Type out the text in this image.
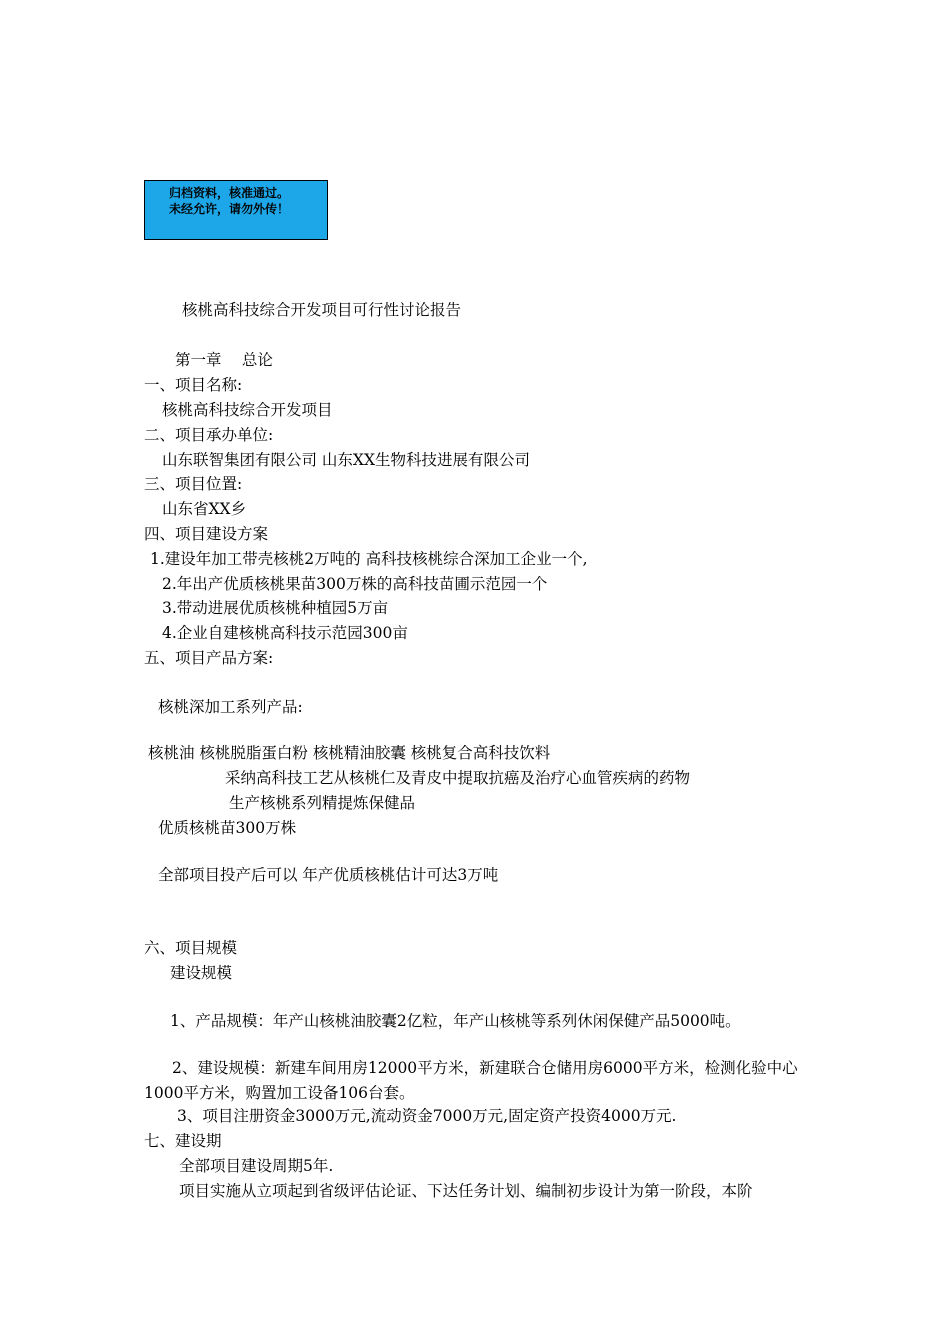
归档资料，核准通过。
未经允许，请勿外传！
核桃高科技综合开发项目可行性讨论报告
第一章　 总论
一、项目名称:
核桃高科技综合开发项目
二、项目承办单位:
山东联智集团有限公司 山东XX生物科技进展有限公司
三、项目位置:
山东省XX乡
四、项目建设方案
1.建设年加工带壳核桃2万吨的 高科技核桃综合深加工企业一个,
2.年出产优质核桃果苗300万株的高科技苗圃示范园一个
3.带动进展优质核桃种植园5万亩
4.企业自建核桃高科技示范园300亩
五、项目产品方案:
核桃深加工系列产品:
核桃油 核桃脱脂蛋白粉 核桃精油胶囊 核桃复合高科技饮料
采纳高科技工艺从核桃仁及青皮中提取抗癌及治疗心血管疾病的药物
生产核桃系列精提炼保健品
优质核桃苗300万株
全部项目投产后可以 年产优质核桃估计可达3万吨
六、项目规模
建设规模
1、产品规模：年产山核桃油胶囊2亿粒，年产山核桃等系列休闲保健产品5000吨。
2、建设规模：新建车间用房12000平方米，新建联合仓储用房6000平方米，检测化验中心1000平方米，购置加工设备106台套。
3、项目注册资金3000万元,流动资金7000万元,固定资产投资4000万元.
七、建设期
全部项目建设周期5年.
项目实施从立项起到省级评估论证、下达任务计划、编制初步设计为第一阶段，本阶
